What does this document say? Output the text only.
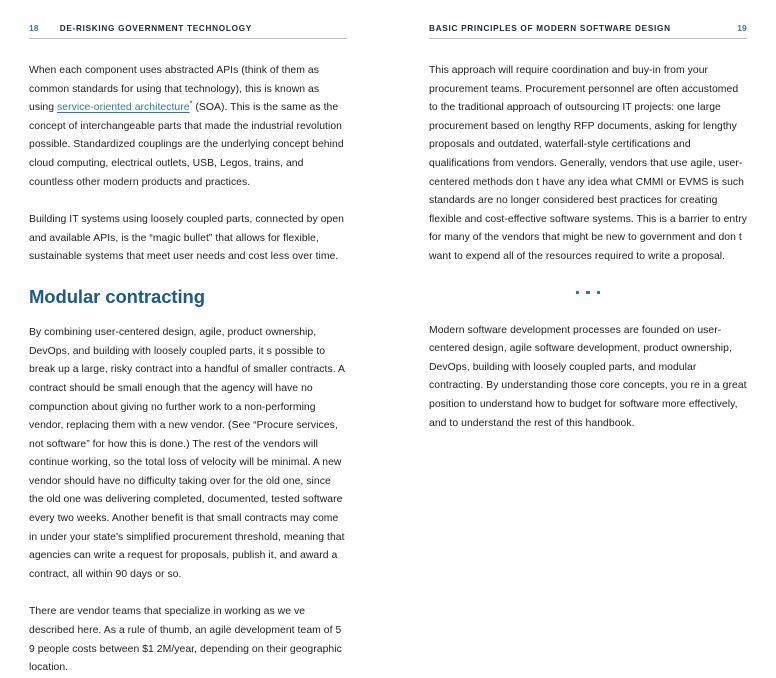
18	DE-RISKING GOVERNMENT TECHNOLOGY

When each component uses abstracted APIs (think of them as common standards for using that technology), this is known as using service-oriented architecture* (SOA). This is the same as the concept of interchangeable parts that made the industrial revolution possible. Standardized couplings are the underlying concept behind cloud computing, electrical outlets, USB, Legos, trains, and countless other modern products and practices.

Building IT systems using loosely coupled parts, connected by open and available APIs, is the “magic bullet” that allows for flexible, sustainable systems that meet user needs and cost less over time.

Modular contracting

By combining user-centered design, agile, product ownership, DevOps, and building with loosely coupled parts, it s possible to break up a large, risky contract into a handful of smaller contracts. A contract should be small enough that the agency will have no compunction about giving no further work to a non-performing vendor, replacing them with a new vendor. (See “Procure services, not software” for how this is done.) The rest of the vendors will continue working, so the total loss of velocity will be minimal. A new vendor should have no difficulty taking over for the old one, since the old one was delivering completed, documented, tested software every two weeks. Another benefit is that small contracts may come in under your state's simplified procurement threshold, meaning that agencies can write a request for proposals, publish it, and award a contract, all within 90 days or so.

There are vendor teams that specialize in working as we ve described here. As a rule of thumb, an agile development team of 5 9 people costs between $1 2M/year, depending on their geographic location.

BASIC PRINCIPLES OF MODERN SOFTWARE DESIGN	19

This approach will require coordination and buy-in from your procurement teams. Procurement personnel are often accustomed to the traditional approach of outsourcing IT projects: one large procurement based on lengthy RFP documents, asking for lengthy proposals and outdated, waterfall-style certifications and qualifications from vendors. Generally, vendors that use agile, user-centered methods don t have any idea what CMMI or EVMS is such standards are no longer considered best practices for creating flexible and cost-effective software systems. This is a barrier to entry for many of the vendors that might be new to government and don t want to expend all of the resources required to write a proposal.

Modern software development processes are founded on user-centered design, agile software development, product ownership, DevOps, building with loosely coupled parts, and modular contracting. By understanding those core concepts, you re in a great position to understand how to budget for software more effectively, and to understand the rest of this handbook.
